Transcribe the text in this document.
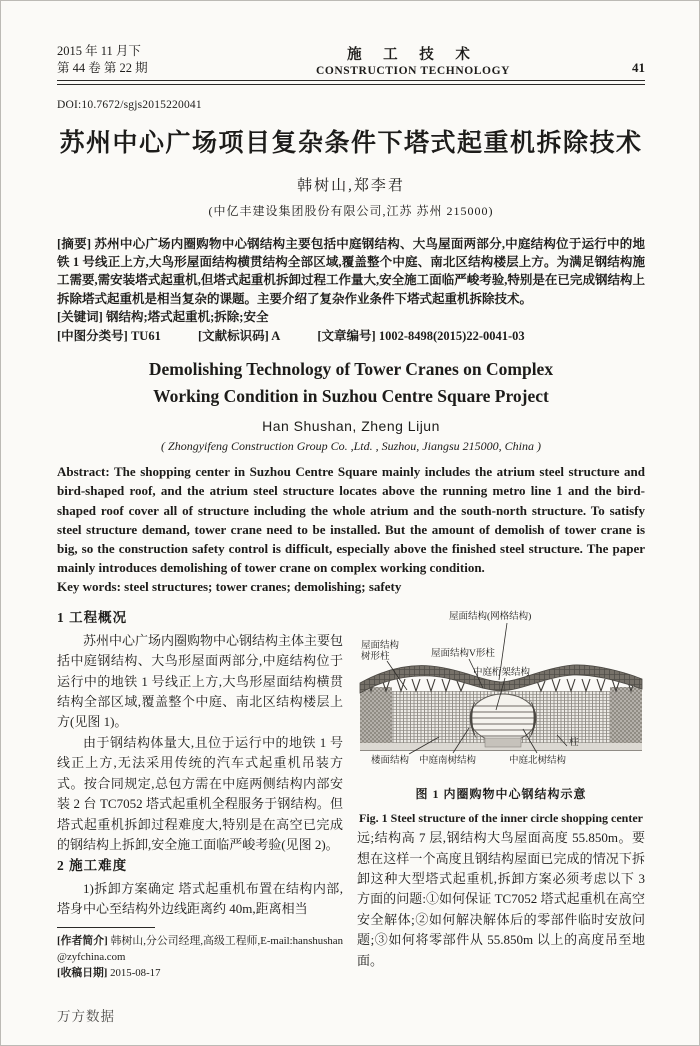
2015 年 11 月下
第 44 卷 第 22 期
施 工 技 术
CONSTRUCTION TECHNOLOGY	41
DOI:10.7672/sgjs2015220041
苏州中心广场项目复杂条件下塔式起重机拆除技术
韩树山,郑李君
(中亿丰建设集团股份有限公司,江苏 苏州 215000)
[摘要] 苏州中心广场内圈购物中心钢结构主要包括中庭钢结构、大鸟屋面两部分,中庭结构位于运行中的地铁 1 号线正上方,大鸟形屋面结构横贯结构全部区域,覆盖整个中庭、南北区结构楼层上方。为满足钢结构施工需要,需安装塔式起重机,但塔式起重机拆卸过程工作量大,安全施工面临严峻考验,特别是在已完成钢结构上拆除塔式起重机是相当复杂的课题。主要介绍了复杂作业条件下塔式起重机拆除技术。
[关键词] 钢结构;塔式起重机;拆除;安全
[中图分类号] TU61	[文献标识码] A	[文章编号] 1002-8498(2015)22-0041-03
Demolishing Technology of Tower Cranes on Complex
Working Condition in Suzhou Centre Square Project
Han Shushan, Zheng Lijun
( Zhongyifeng Construction Group Co. ,Ltd. , Suzhou, Jiangsu 215000, China )
Abstract: The shopping center in Suzhou Centre Square mainly includes the atrium steel structure and bird-shaped roof, and the atrium steel structure locates above the running metro line 1 and the bird-shaped roof cover all of structure including the whole atrium and the south-north structure. To satisfy steel structure demand, tower crane need to be installed. But the amount of demolish of tower crane is big, so the construction safety control is difficult, especially above the finished steel structure. The paper mainly introduces demolishing of tower crane on complex working condition.
Key words: steel structures; tower cranes; demolishing; safety
1 工程概况

苏州中心广场内圈购物中心钢结构主体主要包括中庭钢结构、大鸟形屋面两部分,中庭结构位于运行中的地铁 1 号线正上方,大鸟形屋面结构横贯结构全部区域,覆盖整个中庭、南北区结构楼层上方(见图 1)。

由于钢结构体量大,且位于运行中的地铁 1 号线正上方,无法采用传统的汽车式起重机吊装方式。按合同规定,总包方需在中庭两侧结构内部安装 2 台 TC7052 塔式起重机全程服务于钢结构。但塔式起重机拆卸过程难度大,特别是在高空已完成的钢结构上拆卸,安全施工面临严峻考验(见图 2)。

2 施工难度

1)拆卸方案确定 塔式起重机布置在结构内部,塔身中心至结构外边线距离约 40m,距离相当

[作者简介] 韩树山,分公司经理,高级工程师,E-mail:hanshushan@zyfchina.com
[收稿日期] 2015-08-17
屋面结构(网格结构)
屋面结构
树形柱	屋面结构V形柱
中庭桁架结构
楼面结构 中庭南树结构	中庭北树结构
柱
图 1 内圈购物中心钢结构示意
Fig. 1 Steel structure of the inner circle shopping center

远;结构高 7 层,钢结构大鸟屋面高度 55.850m。要想在这样一个高度且钢结构屋面已完成的情况下拆卸这种大型塔式起重机,拆卸方案必须考虑以下 3 方面的问题:①如何保证 TC7052 塔式起重机在高空安全解体;②如何解决解体后的零部件临时安放问题;③如何将零部件从 55.850m 以上的高度吊至地面。

万方数据
